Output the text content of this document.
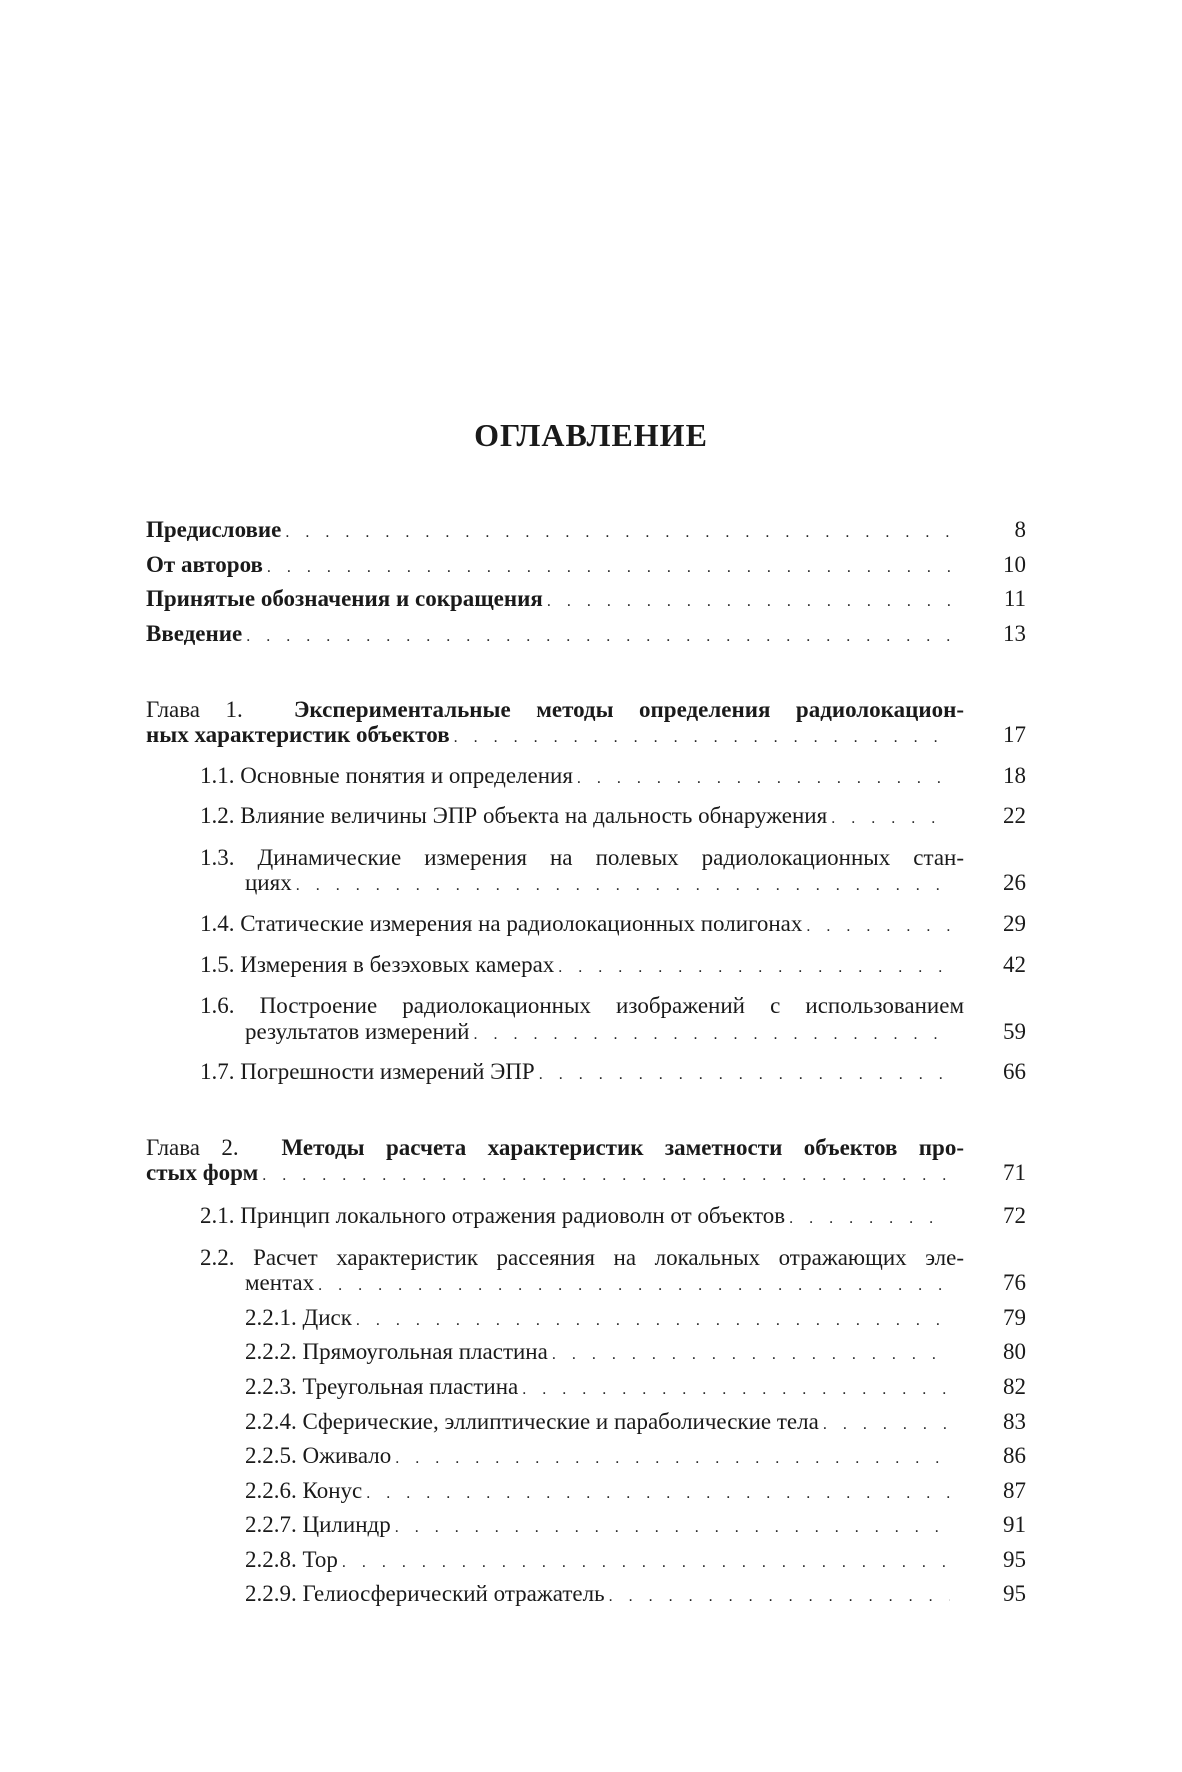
ОГЛАВЛЕНИЕ
Предисловие . . .	8
От авторов . . .	10
Принятые обозначения и сокращения . . .	11
Введение . . .	13
Глава 1. Экспериментальные методы определения радиолокацион-
ных характеристик объектов . . .	17
1.1. Основные понятия и определения . . .	18
1.2. Влияние величины ЭПР объекта на дальность обнаружения . . .	22
1.3. Динамические измерения на полевых радиолокационных стан-
циях . . .	26
1.4. Статические измерения на радиолокационных полигонах . . .	29
1.5. Измерения в безэховых камерах . . .	42
1.6. Построение радиолокационных изображений с использованием
результатов измерений . . .	59
1.7. Погрешности измерений ЭПР . . .	66
Глава 2. Методы расчета характеристик заметности объектов про-
стых форм . . .	71
2.1. Принцип локального отражения радиоволн от объектов . . .	72
2.2. Расчет характеристик рассеяния на локальных отражающих эле-
ментах . . .	76
2.2.1. Диск . . .	79
2.2.2. Прямоугольная пластина . . .	80
2.2.3. Треугольная пластина . . .	82
2.2.4. Сферические, эллиптические и параболические тела . . .	83
2.2.5. Оживало . . .	86
2.2.6. Конус . . .	87
2.2.7. Цилиндр . . .	91
2.2.8. Тор . . .	95
2.2.9. Гелиосферический отражатель . . .	95
